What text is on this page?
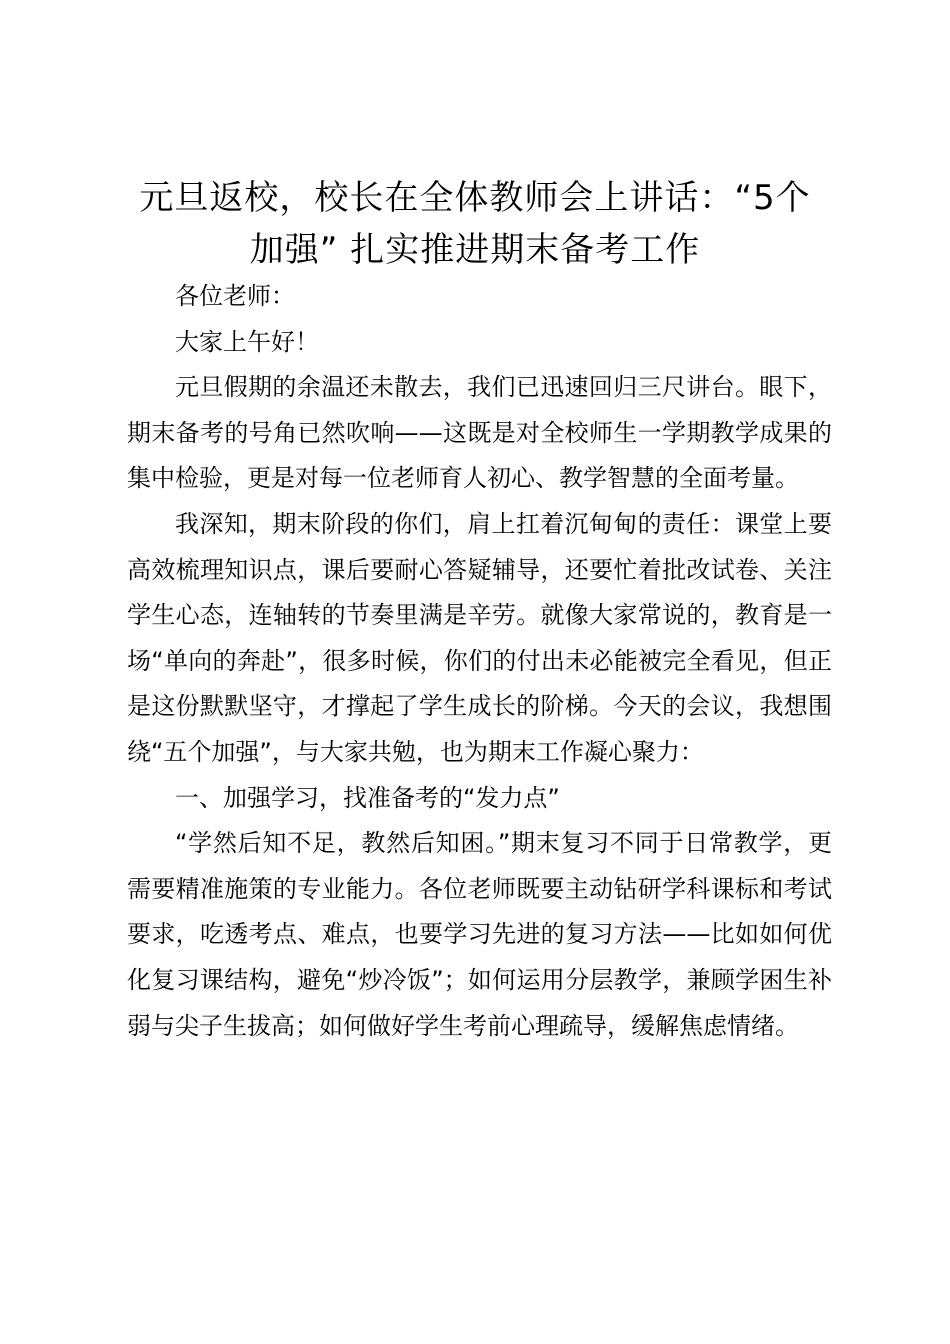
元旦返校，校长在全体教师会上讲话：“5个
加强” 扎实推进期末备考工作

各位老师：

大家上午好！

元旦假期的余温还未散去，我们已迅速回归三尺讲台。眼下，期末备考的号角已然吹响——这既是对全校师生一学期教学成果的集中检验，更是对每一位老师育人初心、教学智慧的全面考量。

我深知，期末阶段的你们，肩上扛着沉甸甸的责任：课堂上要高效梳理知识点，课后要耐心答疑辅导，还要忙着批改试卷、关注学生心态，连轴转的节奏里满是辛劳。就像大家常说的，教育是一场“单向的奔赴”，很多时候，你们的付出未必能被完全看见，但正是这份默默坚守，才撑起了学生成长的阶梯。今天的会议，我想围绕“五个加强”，与大家共勉，也为期末工作凝心聚力：

一、加强学习，找准备考的“发力点”

“学然后知不足，教然后知困。”期末复习不同于日常教学，更需要精准施策的专业能力。各位老师既要主动钻研学科课标和考试要求，吃透考点、难点，也要学习先进的复习方法——比如如何优化复习课结构，避免“炒冷饭”；如何运用分层教学，兼顾学困生补弱与尖子生拔高；如何做好学生考前心理疏导，缓解焦虑情绪。
